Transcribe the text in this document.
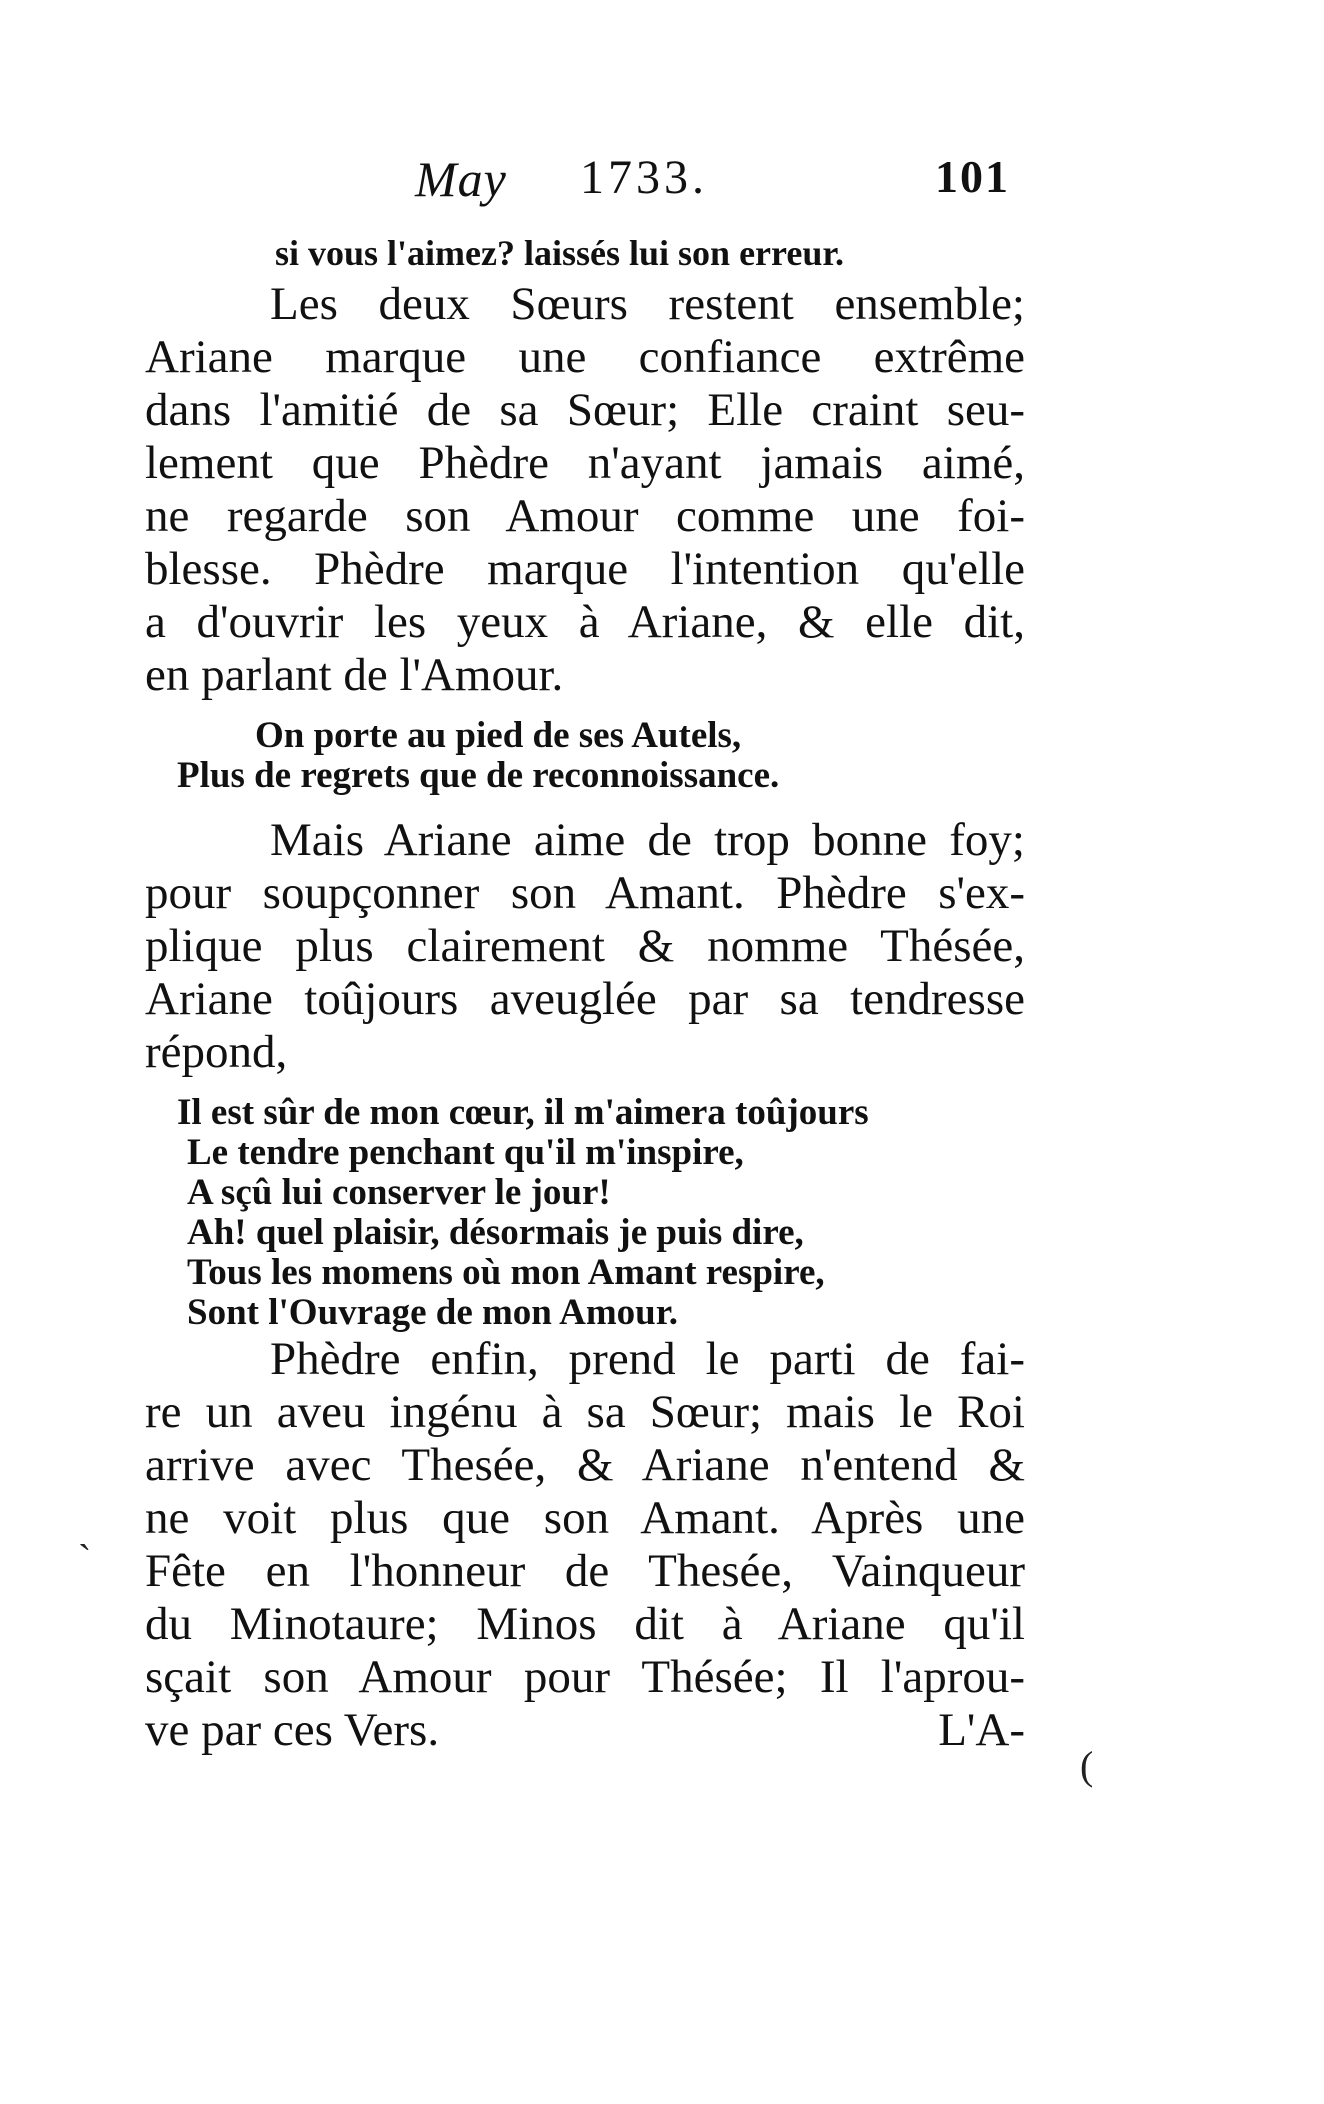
May 1733.	101
si vous l'aimez? laissés lui son erreur.
Les deux Sœurs restent ensemble;
Ariane marque une confiance extrême
dans l'amitié de sa Sœur; Elle craint seu-
lement que Phèdre n'ayant jamais aimé,
ne regarde son Amour comme une foi-
blesse. Phèdre marque l'intention qu'elle
a d'ouvrir les yeux à Ariane, & elle dit,
en parlant de l'Amour.
On porte au pied de ses Autels,
Plus de regrets que de reconnoissance.
Mais Ariane aime de trop bonne foy;
pour soupçonner son Amant. Phèdre s'ex-
plique plus clairement & nomme Thésée,
Ariane toûjours aveuglée par sa tendresse
répond,
Il est sûr de mon cœur, il m'aimera toûjours
Le tendre penchant qu'il m'inspire,
A sçû lui conserver le jour!
Ah! quel plaisir, désormais je puis dire,
Tous les momens où mon Amant respire,
Sont l'Ouvrage de mon Amour.
Phèdre enfin, prend le parti de fai-
re un aveu ingénu à sa Sœur; mais le Roi
arrive avec Thesée, & Ariane n'entend &
ne voit plus que son Amant. Après une
Fête en l'honneur de Thesée, Vainqueur
du Minotaure; Minos dit à Ariane qu'il
sçait son Amour pour Thésée; Il l'aprou-
ve par ces Vers.	L'A-
ˋ
(
